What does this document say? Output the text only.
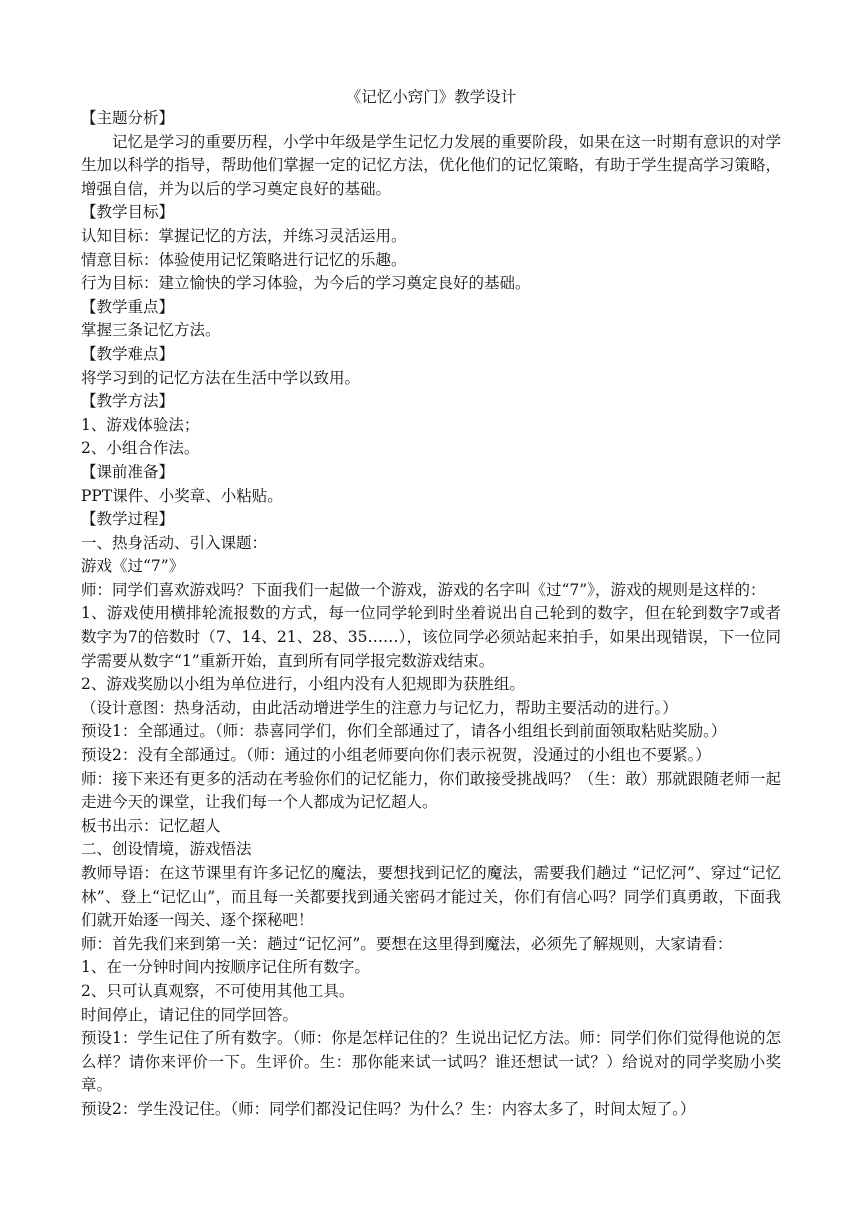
《记忆小窍门》教学设计
【主题分析】
记忆是学习的重要历程，小学中年级是学生记忆力发展的重要阶段，如果在这一时期有意识的对学生加以科学的指导，帮助他们掌握一定的记忆方法，优化他们的记忆策略，有助于学生提高学习策略，增强自信，并为以后的学习奠定良好的基础。
【教学目标】
认知目标：掌握记忆的方法，并练习灵活运用。
情意目标：体验使用记忆策略进行记忆的乐趣。
行为目标：建立愉快的学习体验，为今后的学习奠定良好的基础。
【教学重点】
掌握三条记忆方法。
【教学难点】
将学习到的记忆方法在生活中学以致用。
【教学方法】
1、游戏体验法；
2、小组合作法。
【课前准备】
PPT课件、小奖章、小粘贴。
【教学过程】
一、热身活动、引入课题：
游戏《过“7”》
师：同学们喜欢游戏吗？下面我们一起做一个游戏，游戏的名字叫《过“7”》，游戏的规则是这样的：
1、游戏使用横排轮流报数的方式，每一位同学轮到时坐着说出自己轮到的数字，但在轮到数字7或者数字为7的倍数时（7、14、21、28、35……），该位同学必须站起来拍手，如果出现错误，下一位同学需要从数字“1”重新开始，直到所有同学报完数游戏结束。
2、游戏奖励以小组为单位进行，小组内没有人犯规即为获胜组。
（设计意图：热身活动，由此活动增进学生的注意力与记忆力，帮助主要活动的进行。）
预设1：全部通过。（师：恭喜同学们，你们全部通过了，请各小组组长到前面领取粘贴奖励。）
预设2：没有全部通过。（师：通过的小组老师要向你们表示祝贺，没通过的小组也不要紧。）
师：接下来还有更多的活动在考验你们的记忆能力，你们敢接受挑战吗？（生：敢）那就跟随老师一起走进今天的课堂，让我们每一个人都成为记忆超人。
板书出示：记忆超人
二、创设情境，游戏悟法
教师导语：在这节课里有许多记忆的魔法，要想找到记忆的魔法，需要我们趟过 “记忆河”、穿过“记忆林”、登上“记忆山”，而且每一关都要找到通关密码才能过关，你们有信心吗？同学们真勇敢，下面我们就开始逐一闯关、逐个探秘吧！
师：首先我们来到第一关：趟过“记忆河”。要想在这里得到魔法，必须先了解规则，大家请看：
1、在一分钟时间内按顺序记住所有数字。
2、只可认真观察，不可使用其他工具。
时间停止，请记住的同学回答。
预设1：学生记住了所有数字。（师：你是怎样记住的？生说出记忆方法。师：同学们你们觉得他说的怎么样？请你来评价一下。生评价。生：那你能来试一试吗？谁还想试一试？）给说对的同学奖励小奖章。
预设2：学生没记住。（师：同学们都没记住吗？为什么？生：内容太多了，时间太短了。）
